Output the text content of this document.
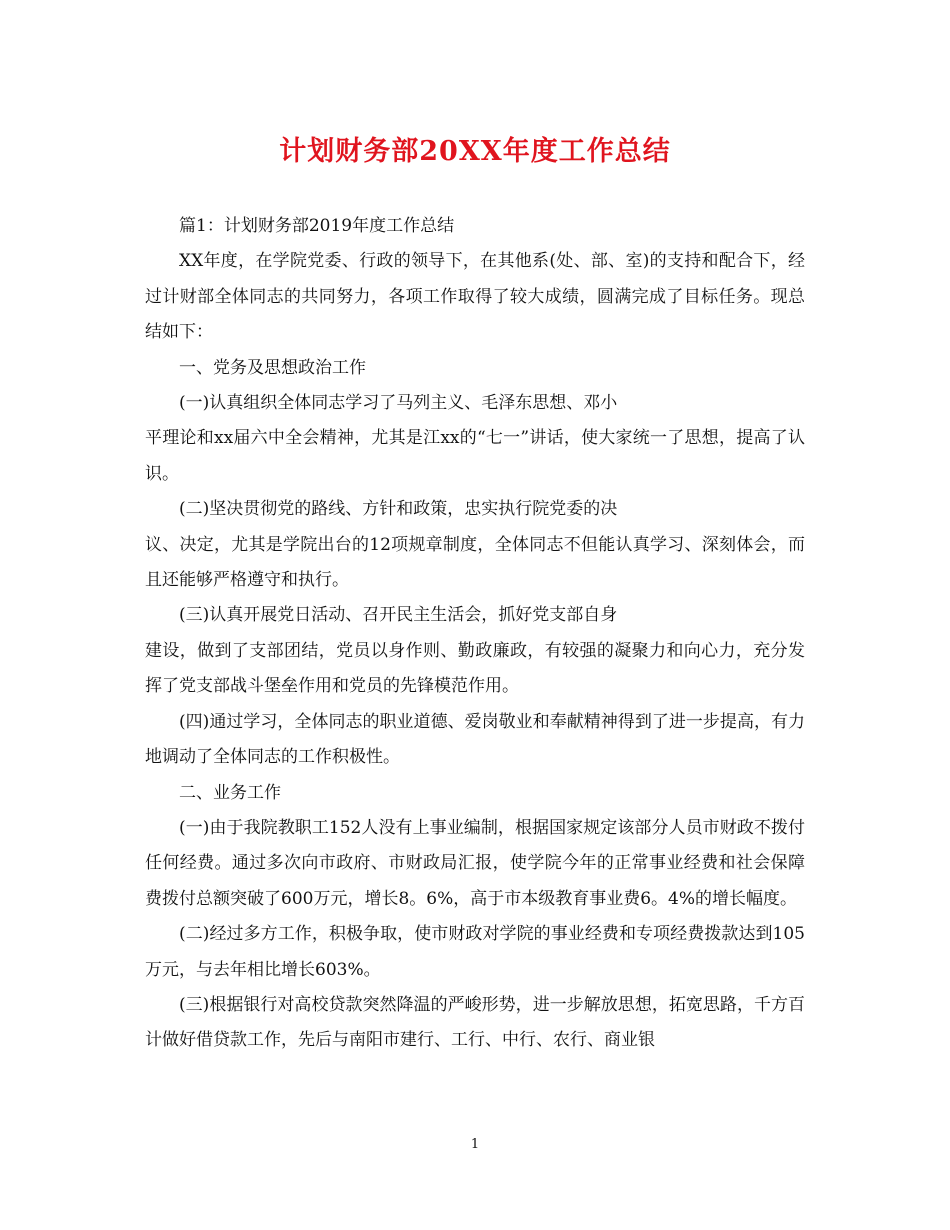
计划财务部20XX年度工作总结

篇1：计划财务部2019年度工作总结

XX年度，在学院党委、行政的领导下，在其他系(处、部、室)的支持和配合下，经过计财部全体同志的共同努力，各项工作取得了较大成绩，圆满完成了目标任务。现总结如下：

一、党务及思想政治工作

(一)认真组织全体同志学习了马列主义、毛泽东思想、邓小

平理论和xx届六中全会精神，尤其是江xx的“七一”讲话，使大家统一了思想，提高了认识。

(二)坚决贯彻党的路线、方针和政策，忠实执行院党委的决

议、决定，尤其是学院出台的12项规章制度，全体同志不但能认真学习、深刻体会，而且还能够严格遵守和执行。

(三)认真开展党日活动、召开民主生活会，抓好党支部自身

建设，做到了支部团结，党员以身作则、勤政廉政，有较强的凝聚力和向心力，充分发挥了党支部战斗堡垒作用和党员的先锋模范作用。

(四)通过学习，全体同志的职业道德、爱岗敬业和奉献精神得到了进一步提高，有力地调动了全体同志的工作积极性。

二、业务工作

(一)由于我院教职工152人没有上事业编制，根据国家规定该部分人员市财政不拨付任何经费。通过多次向市政府、市财政局汇报，使学院今年的正常事业经费和社会保障费拨付总额突破了600万元，增长8。6%，高于市本级教育事业费6。4%的增长幅度。

(二)经过多方工作，积极争取，使市财政对学院的事业经费和专项经费拨款达到105万元，与去年相比增长603%。

(三)根据银行对高校贷款突然降温的严峻形势，进一步解放思想，拓宽思路，千方百计做好借贷款工作，先后与南阳市建行、工行、中行、农行、商业银

1
